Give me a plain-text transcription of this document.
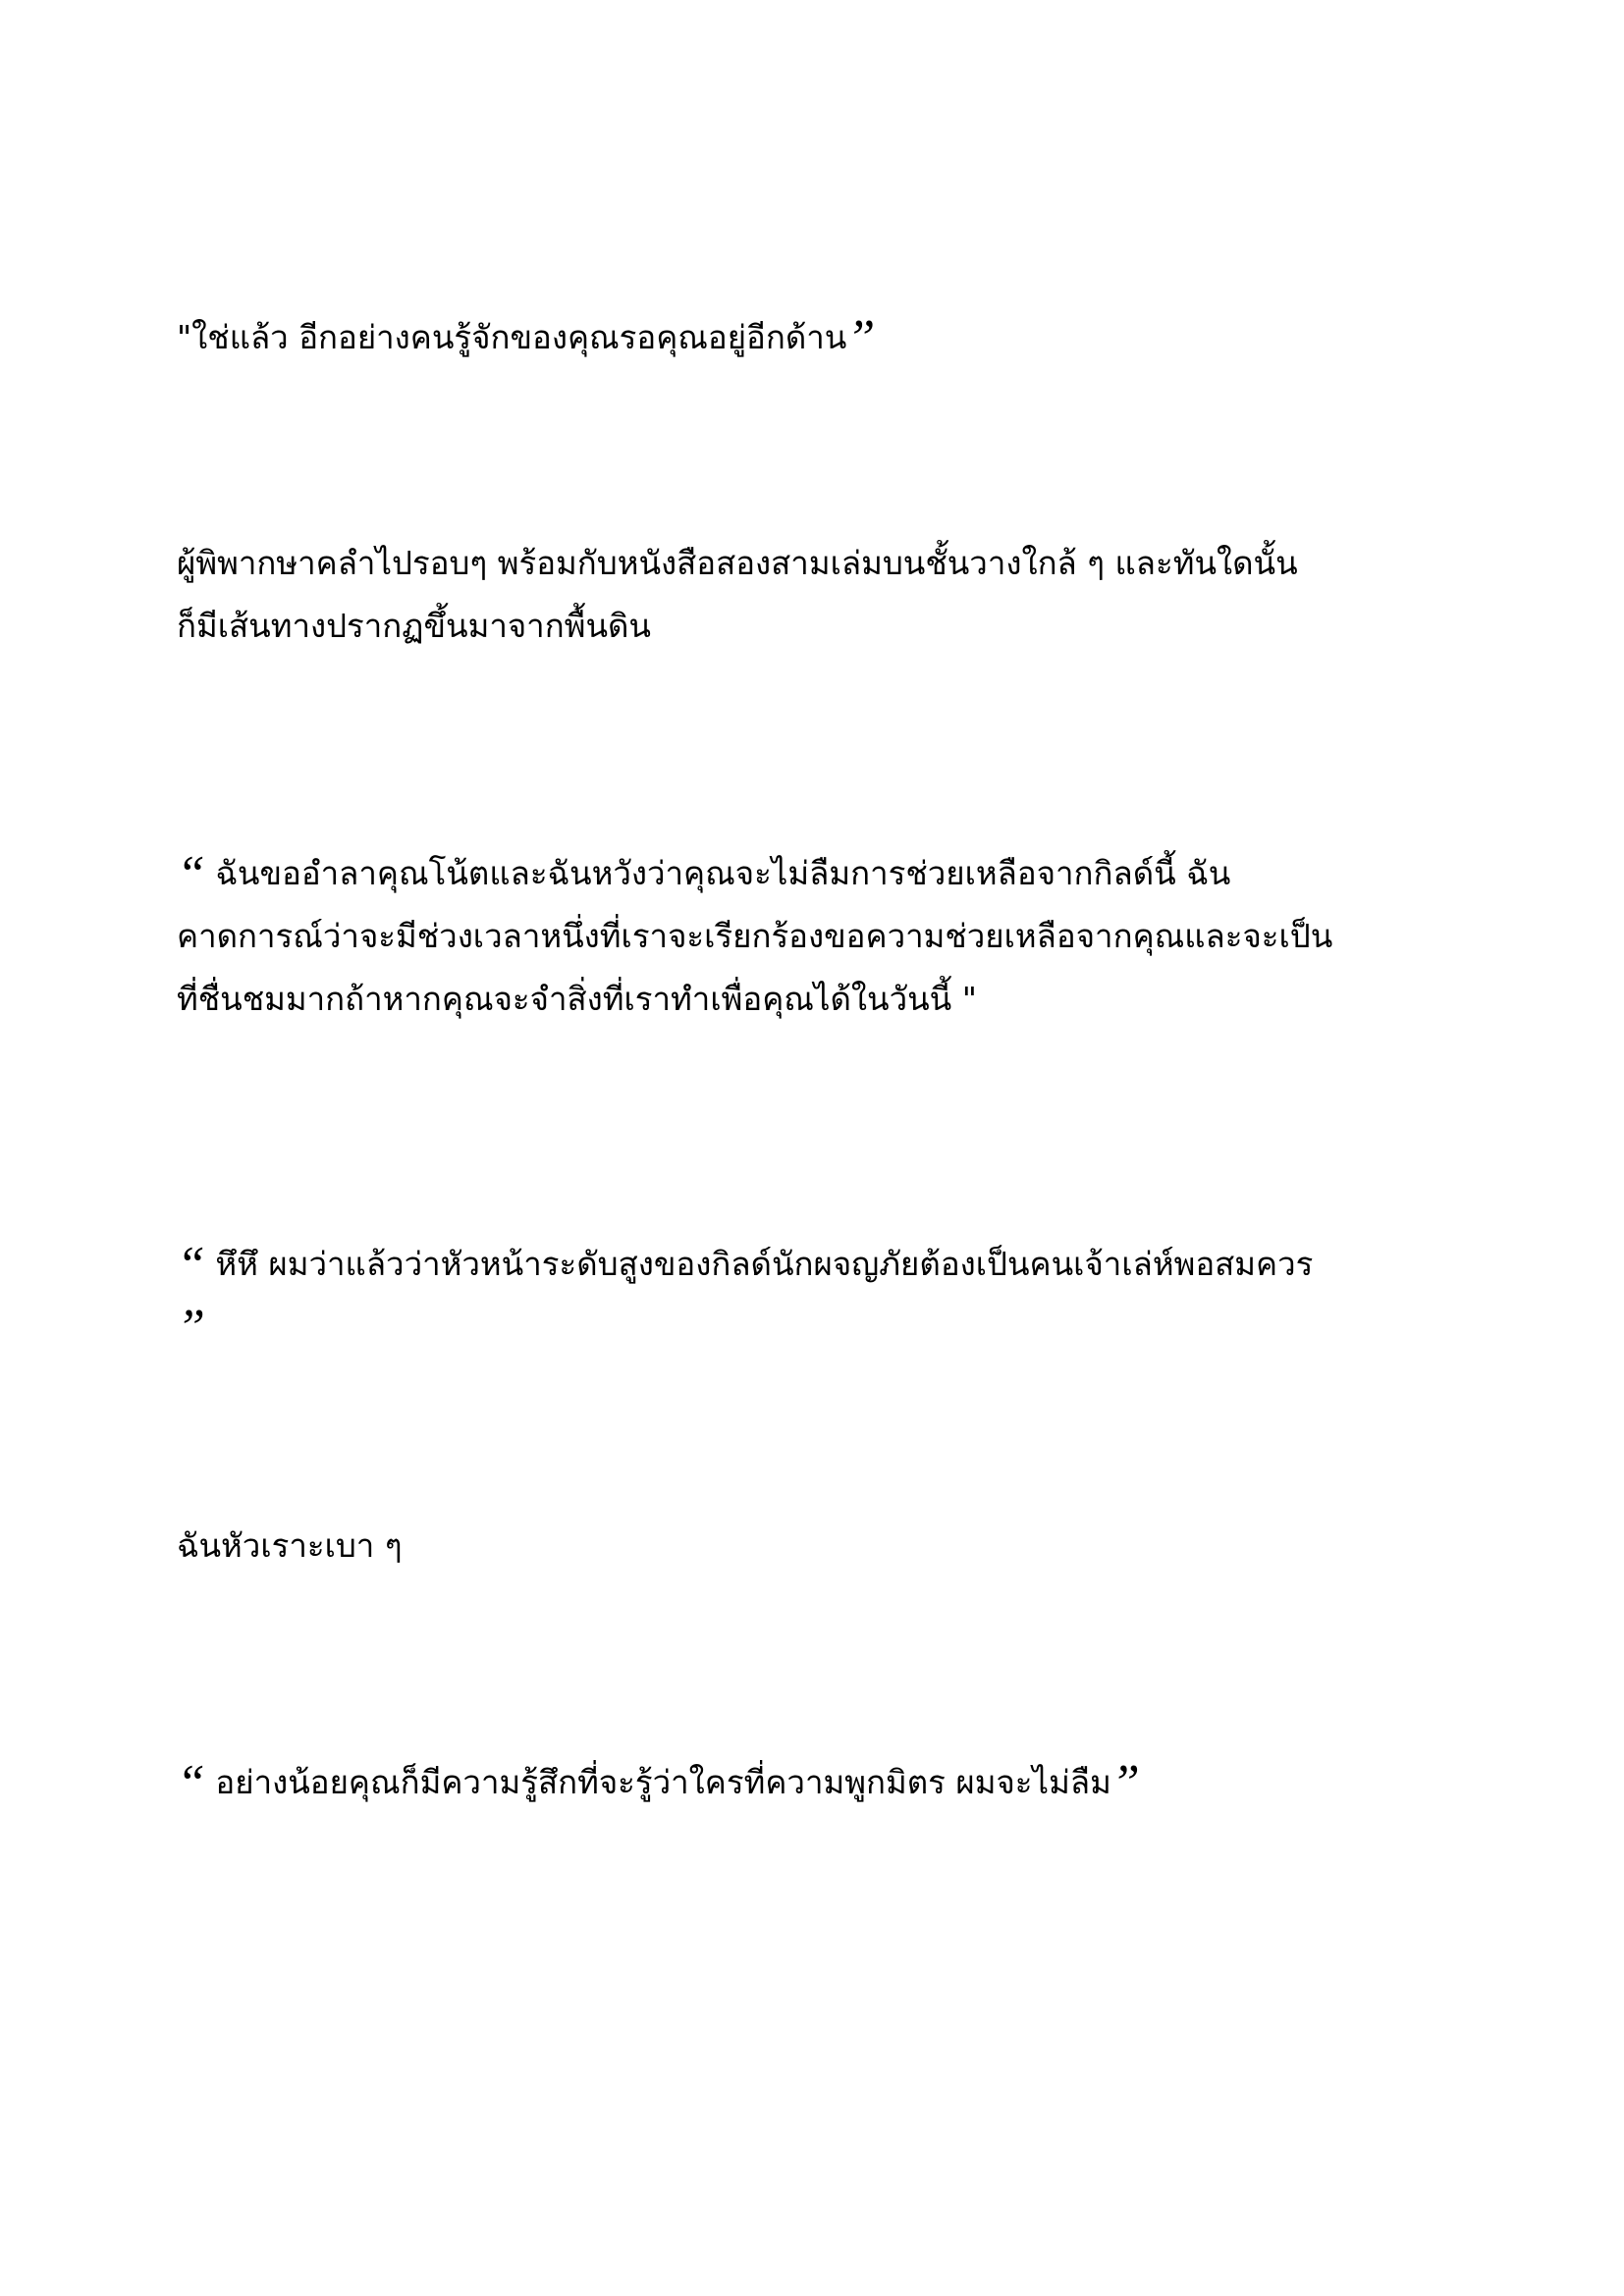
"ใช่แล้ว อีกอย่างคนรู้จักของคุณรอคุณอยู่อีกด้าน”
ผู้พิพากษาคลำไปรอบๆ พร้อมกับหนังสือสองสามเล่มบนชั้นวางใกล้ ๆ และทันใดนั้น
ก็มีเส้นทางปรากฏขึ้นมาจากพื้นดิน
“ ฉันขออำลาคุณโน้ตและฉันหวังว่าคุณจะไม่ลืมการช่วยเหลือจากกิลด์นี้ ฉัน
คาดการณ์ว่าจะมีช่วงเวลาหนึ่งที่เราจะเรียกร้องขอความช่วยเหลือจากคุณและจะเป็น
ที่ชื่นชมมากถ้าหากคุณจะจำสิ่งที่เราทำเพื่อคุณได้ในวันนี้ "
“ หึหึ ผมว่าแล้วว่าหัวหน้าระดับสูงของกิลด์นักผจญภัยต้องเป็นคนเจ้าเล่ห์พอสมควร
”
ฉันหัวเราะเบา ๆ
“ อย่างน้อยคุณก็มีความรู้สึกที่จะรู้ว่าใครที่ความพูกมิตร ผมจะไม่ลืม”
